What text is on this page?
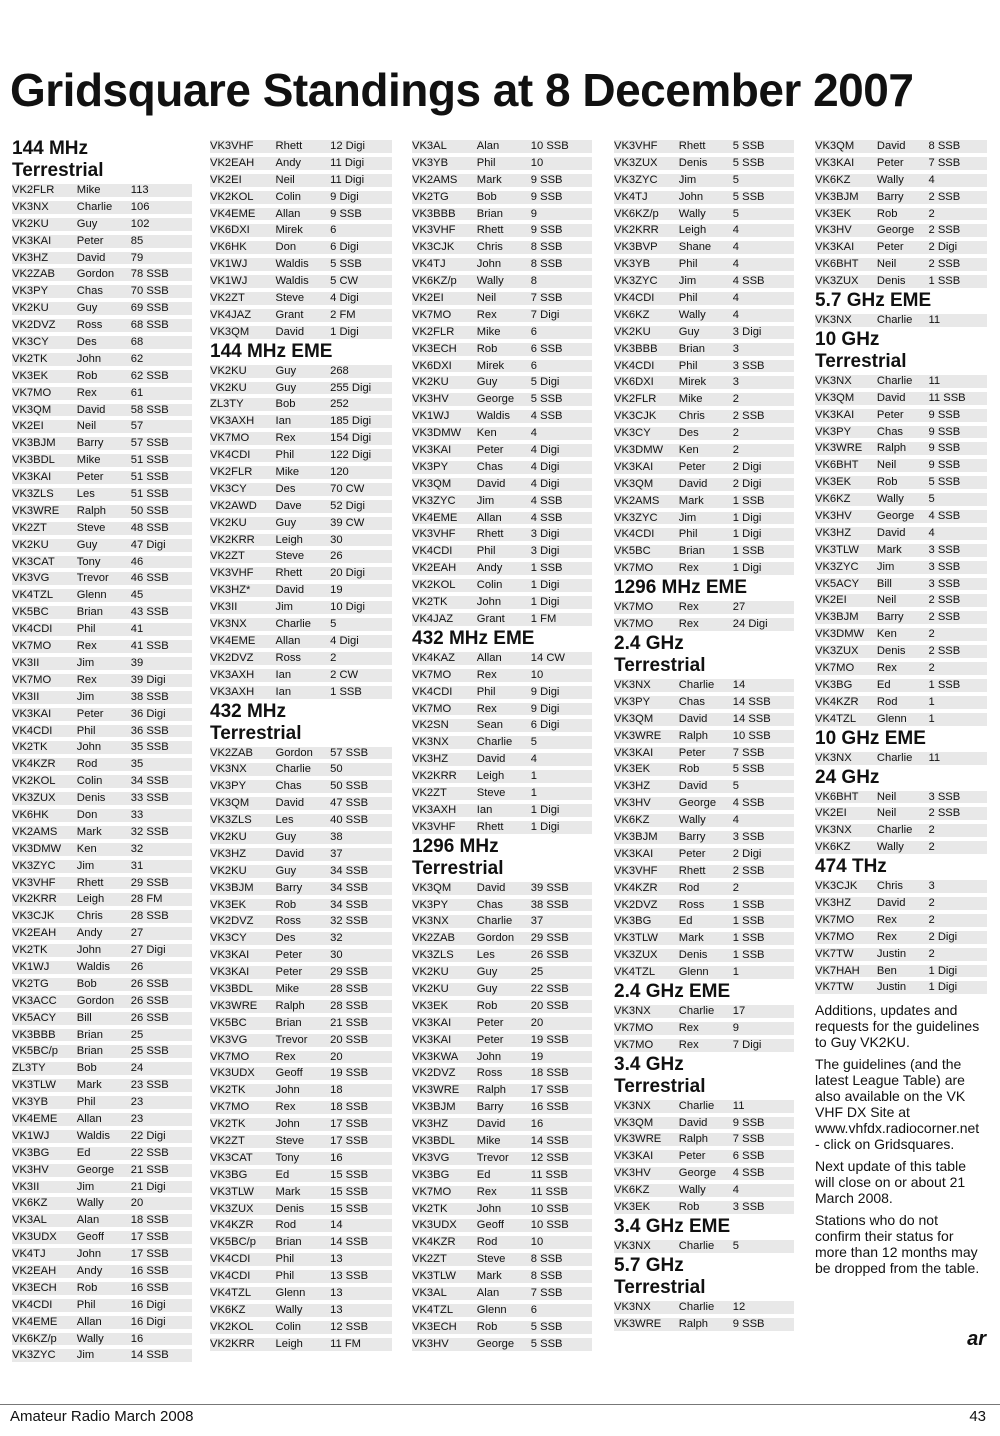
Gridsquare Standings at 8 December 2007
144 MHz
Terrestrial
VK2FLR Mike	113
VK3NX	Charlie 106
VK2KU	Guy	102
VK3KAI Peter 85
VK3HZ	David 79
VK2ZAB Gordon 78 SSB
VK3PY	Chas 70 SSB
VK2KU	Guy	69 SSB
VK2DVZ Ross	68 SSB
VK3CY	Des	68
VK2TK	John	62
VK3EK	Rob	62 SSB
VK7MO Rex	61
VK3QM David 58 SSB
VK2EI	Neil	57
VK3BJM Barry 57 SSB
VK3BDL Mike	51 SSB
VK3KAI Peter 51 SSB
VK3ZLS Les	51 SSB
VK3WRE Ralph 50 SSB
VK2ZT	Steve 48 SSB
VK2KU	Guy	47 Digi
VK3CAT Tony	46
VK3VG Trevor 46 SSB
VK4TZL Glenn 45
VK5BC	Brian 43 SSB
VK4CDI Phil	41
VK7MO Rex	41 SSB
VK3II	Jim	39
VK7MO Rex	39 Digi
VK3II	Jim	38 SSB
VK3KAI Peter 36 Digi
VK4CDI Phil	36 SSB
VK2TK	John	35 SSB
VK4KZR Rod	35
VK2KOL Colin	34 SSB
VK3ZUX Denis 33 SSB
VK6HK	Don	33
VK2AMS Mark	32 SSB
VK3DMW Ken	32
VK3ZYC Jim	31
VK3VHF Rhett 29 SSB
VK2KRR Leigh 28 FM
VK3CJK Chris 28 SSB
VK2EAH Andy	27
VK2TK	John	27 Digi
VK1WJ Waldis 26
VK2TG	Bob	26 SSB
VK3ACC Gordon 26 SSB
VK5ACY Bill	26 SSB
VK3BBB Brian 25
VK5BC/p Brian 25 SSB
ZL3TY	Bob	24
VK3TLW Mark	23 SSB
VK3YB	Phil	23
VK4EME Allan	23
VK1WJ Waldis 22 Digi
VK3BG Ed	22 SSB
VK3HV	George 21 SSB
VK3II	Jim	21 Digi
VK6KZ	Wally 20
VK3AL	Alan	18 SSB
VK3UDX Geoff 17 SSB
VK4TJ	John	17 SSB
VK2EAH Andy	16 SSB
VK3ECH Rob	16 SSB
VK4CDI Phil	16 Digi
VK4EME Allan	16 Digi
VK6KZ/p Wally 16
VK3ZYC Jim	14 SSB
VK3VHF Rhett 12 Digi
VK2EAH Andy	11 Digi
VK2EI	Neil	11 Digi
VK2KOL Colin	9 Digi
VK4EME Allan	9 SSB
VK6DXI Mirek 6
VK6HK	Don	6 Digi
VK1WJ	Waldis 5 SSB
VK1WJ	Waldis 5 CW
VK2ZT	Steve 4 Digi
VK4JAZ Grant 2 FM
VK3QM David 1 Digi
144 MHz EME
VK2KU	Guy	268
VK2KU	Guy	255 Digi
ZL3TY	Bob	252
VK3AXH Ian	185 Digi
VK7MO Rex	154 Digi
VK4CDI Phil	122 Digi
VK2FLR Mike	120
VK3CY	Des	70 CW
VK2AWD Dave	52 Digi
VK2KU	Guy	39 CW
VK2KRR Leigh 30
VK2ZT	Steve 26
VK3VHF Rhett 20 Digi
VK3HZ* David 19
VK3II	Jim	10 Digi
VK3NX	Charlie 5
VK4EME Allan	4 Digi
VK2DVZ Ross	2
VK3AXH Ian	2 CW
VK3AXH Ian	1 SSB
432 MHz
Terrestrial
VK2ZAB Gordon 57 SSB
VK3NX	Charlie 50
VK3PY	Chas	50 SSB
VK3QM David 47 SSB
VK3ZLS Les	40 SSB
VK2KU	Guy	38
VK3HZ	David 37
VK2KU	Guy	34 SSB
VK3BJM Barry 34 SSB
VK3EK	Rob	34 SSB
VK2DVZ Ross	32 SSB
VK3CY	Des	32
VK3KAI Peter 30
VK3KAI Peter 29 SSB
VK3BDL Mike	28 SSB
VK3WRE Ralph 28 SSB
VK5BC	Brian	21 SSB
VK3VG	Trevor 20 SSB
VK7MO Rex	20
VK3UDX Geoff 19 SSB
VK2TK	John	18
VK7MO Rex	18 SSB
VK2TK	John	17 SSB
VK2ZT	Steve 17 SSB
VK3CAT Tony	16
VK3BG	Ed	15 SSB
VK3TLW Mark	15 SSB
VK3ZUX Denis 15 SSB
VK4KZR Rod	14
VK5BC/p Brian	14 SSB
VK4CDI Phil	13
VK4CDI Phil	13 SSB
VK4TZL Glenn 13
VK6KZ	Wally 13
VK2KOL Colin	12 SSB
VK2KRR Leigh 11 FM
VK3AL	Alan	10 SSB
VK3YB	Phil	10
VK2AMS Mark	9 SSB
VK2TG	Bob	9 SSB
VK3BBB Brian 9
VK3VHF Rhett 9 SSB
VK3CJK Chris 8 SSB
VK4TJ	John	8 SSB
VK6KZ/p Wally 8
VK2EI	Neil	7 SSB
VK7MO Rex	7 Digi
VK2FLR Mike	6
VK3ECH Rob	6 SSB
VK6DXI Mirek 6
VK2KU	Guy	5 Digi
VK3HV	George 5 SSB
VK1WJ Waldis 4 SSB
VK3DMW Ken	4
VK3KAI Peter 4 Digi
VK3PY	Chas 4 Digi
VK3QM David 4 Digi
VK3ZYC Jim	4 SSB
VK4EME Allan	4 SSB
VK3VHF Rhett 3 Digi
VK4CDI Phil	3 Digi
VK2EAH Andy	1 SSB
VK2KOL Colin	1 Digi
VK2TK	John	1 Digi
VK4JAZ Grant 1 FM
432 MHz EME
VK4KAZ Allan	14 CW
VK7MO Rex	10
VK4CDI Phil	9 Digi
VK7MO Rex	9 Digi
VK2SN	Sean 6 Digi
VK3NX	Charlie 5
VK3HZ	David 4
VK2KRR Leigh 1
VK2ZT	Steve 1
VK3AXH Ian	1 Digi
VK3VHF Rhett 1 Digi
1296 MHz
Terrestrial
VK3QM David 39 SSB
VK3PY	Chas 38 SSB
VK3NX	Charlie 37
VK2ZAB Gordon 29 SSB
VK3ZLS Les	26 SSB
VK2KU	Guy	25
VK2KU	Guy	22 SSB
VK3EK	Rob	20 SSB
VK3KAI Peter 20
VK3KAI Peter 19 SSB
VK3KWA John	19
VK2DVZ Ross	18 SSB
VK3WRE Ralph 17 SSB
VK3BJM Barry 16 SSB
VK3HZ	David 16
VK3BDL Mike	14 SSB
VK3VG Trevor 12 SSB
VK3BG Ed	11 SSB
VK7MO Rex	11 SSB
VK2TK	John	10 SSB
VK3UDX Geoff 10 SSB
VK4KZR Rod	10
VK2ZT	Steve 8 SSB
VK3TLW Mark	8 SSB
VK3AL	Alan	7 SSB
VK4TZL Glenn 6
VK3ECH Rob	5 SSB
VK3HV	George 5 SSB
VK3VHF Rhett 5 SSB
VK3ZUX Denis 5 SSB
VK3ZYC Jim	5
VK4TJ	John	5 SSB
VK6KZ/p Wally 5
VK2KRR Leigh 4
VK3BVP Shane 4
VK3YB	Phil	4
VK3ZYC Jim	4 SSB
VK4CDI Phil	4
VK6KZ	Wally 4
VK2KU	Guy	3 Digi
VK3BBB Brian 3
VK4CDI Phil	3 SSB
VK6DXI Mirek 3
VK2FLR Mike	2
VK3CJK Chris 2 SSB
VK3CY	Des	2
VK3DMW Ken	2
VK3KAI Peter 2 Digi
VK3QM David 2 Digi
VK2AMS Mark	1 SSB
VK3ZYC Jim	1 Digi
VK4CDI Phil	1 Digi
VK5BC	Brian 1 SSB
VK7MO Rex	1 Digi
1296 MHz EME
VK7MO Rex	27
VK7MO Rex	24 Digi
2.4 GHz
Terrestrial
VK3NX	Charlie 14
VK3PY	Chas 14 SSB
VK3QM David 14 SSB
VK3WRE Ralph 10 SSB
VK3KAI Peter 7 SSB
VK3EK	Rob	5 SSB
VK3HZ	David 5
VK3HV	George 4 SSB
VK6KZ	Wally 4
VK3BJM Barry 3 SSB
VK3KAI Peter 2 Digi
VK3VHF Rhett 2 SSB
VK4KZR Rod	2
VK2DVZ Ross	1 SSB
VK3BG Ed	1 SSB
VK3TLW Mark	1 SSB
VK3ZUX Denis 1 SSB
VK4TZL Glenn 1
2.4 GHz EME
VK3NX	Charlie 17
VK7MO Rex	9
VK7MO Rex	7 Digi
3.4 GHz
Terrestrial
VK3NX	Charlie 11
VK3QM David 9 SSB
VK3WRE Ralph 7 SSB
VK3KAI Peter 6 SSB
VK3HV	George 4 SSB
VK6KZ	Wally 4
VK3EK	Rob	3 SSB
3.4 GHz EME
VK3NX	Charlie 5
5.7 GHz
Terrestrial
VK3NX	Charlie 12
VK3WRE Ralph 9 SSB
VK3QM David 8 SSB
VK3KAI Peter 7 SSB
VK6KZ Wally 4
VK3BJM Barry 2 SSB
VK3EK Rob	2
VK3HV George 2 SSB
VK3KAI Peter 2 Digi
VK6BHT Neil	2 SSB
VK3ZUX Denis 1 SSB
5.7 GHz EME
VK3NX Charlie 11
10 GHz
Terrestrial
VK3NX Charlie 11
VK3QM David 11 SSB
VK3KAI Peter 9 SSB
VK3PY Chas 9 SSB
VK3WRE Ralph 9 SSB
VK6BHT Neil	9 SSB
VK3EK Rob	5 SSB
VK6KZ Wally 5
VK3HV George 4 SSB
VK3HZ David 4
VK3TLW Mark 3 SSB
VK3ZYC Jim	3 SSB
VK5ACY Bill	3 SSB
VK2EI	Neil	2 SSB
VK3BJM Barry 2 SSB
VK3DMW Ken	2
VK3ZUX Denis 2 SSB
VK7MO Rex	2
VK3BG Ed	1 SSB
VK4KZR Rod	1
VK4TZL Glenn 1
10 GHz EME
VK3NX Charlie 11
24 GHz
VK6BHT Neil	3 SSB
VK2EI	Neil	2 SSB
VK3NX Charlie 2
VK6KZ Wally 2
474 THz
VK3CJK Chris 3
VK3HZ David 2
VK7MO Rex	2
VK7MO Rex	2 Digi
VK7TW Justin 2
VK7HAH Ben	1 Digi
VK7TW Justin 1 Digi

Additions, updates and requests for the guidelines to Guy VK2KU.

The guidelines (and the latest League Table) are also available on the VK VHF DX Site at www.vhfdx.radiocorner.net - click on Gridsquares.

Next update of this table will close on or about 21 March 2008.

Stations who do not confirm their status for more than 12 months may be dropped from the table.

ar
Amateur Radio March 2008	43
